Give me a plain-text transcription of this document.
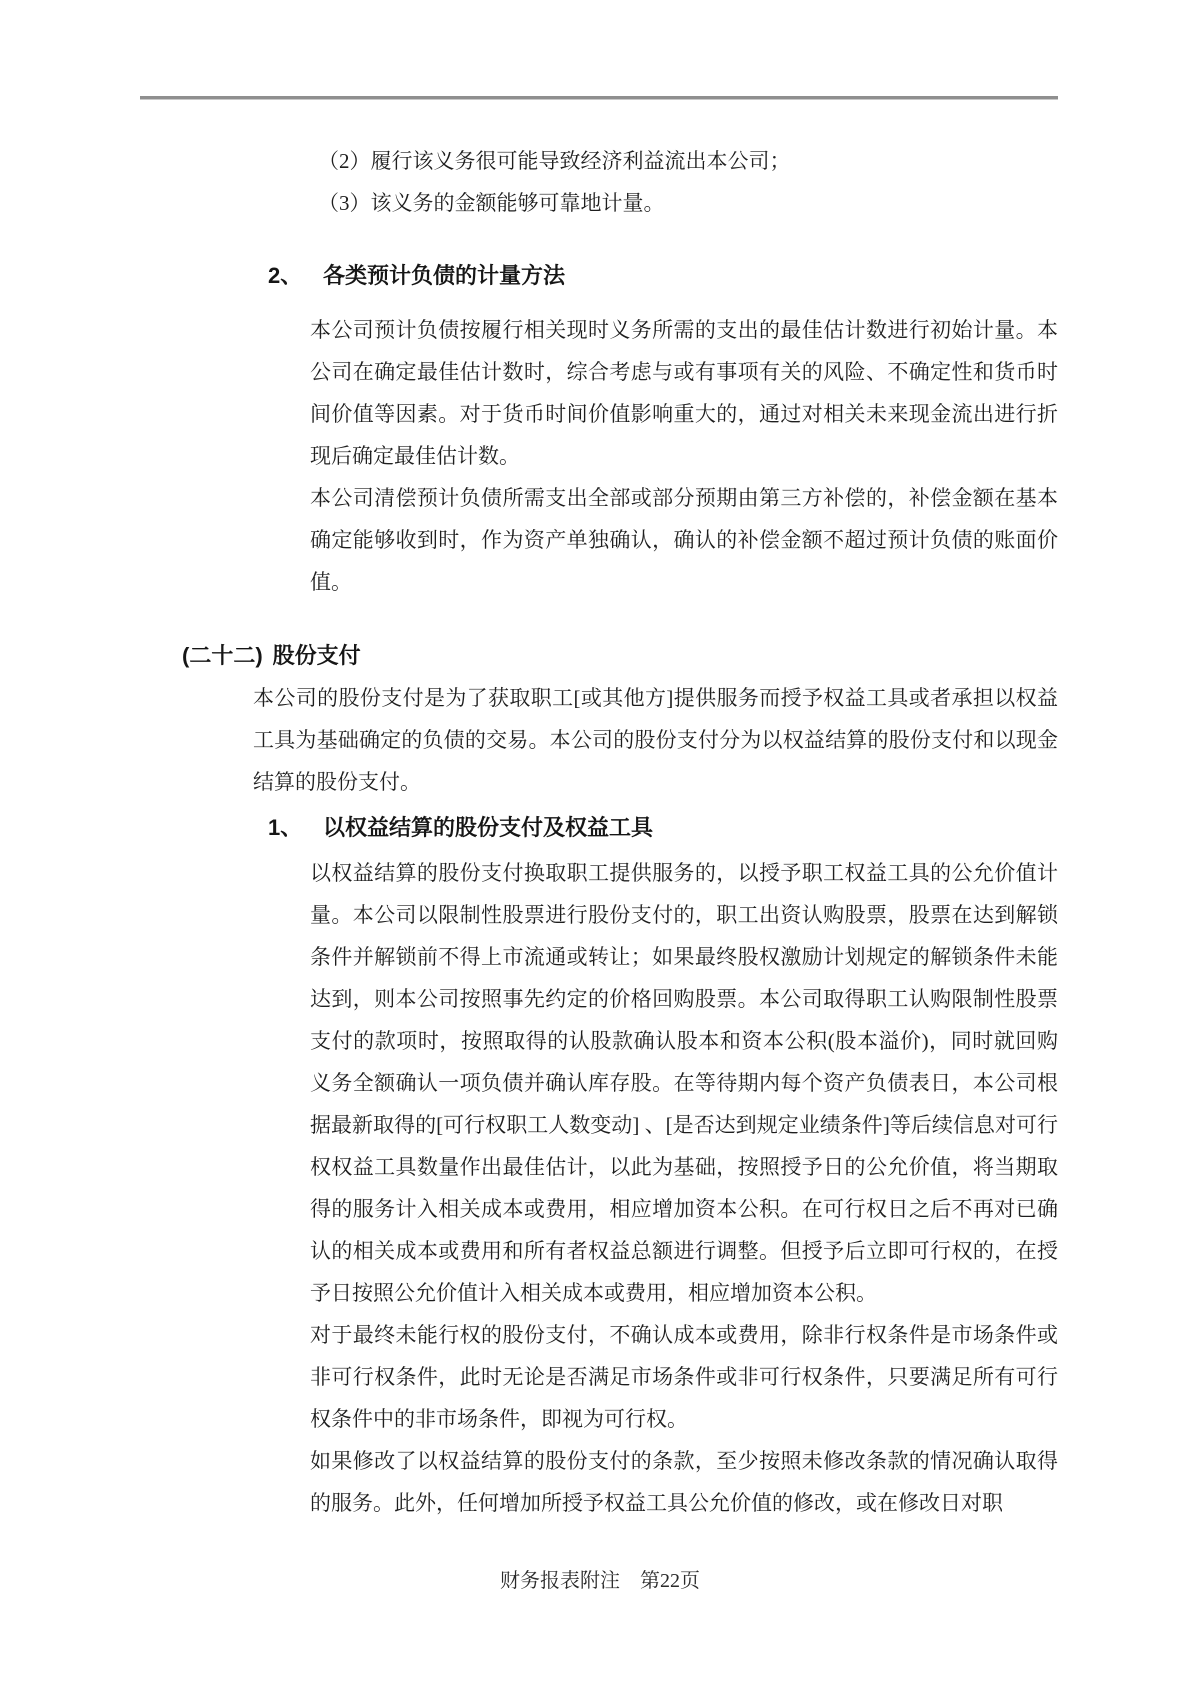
（2）履行该义务很可能导致经济利益流出本公司；
（3）该义务的金额能够可靠地计量。
2、 各类预计负债的计量方法

本公司预计负债按履行相关现时义务所需的支出的最佳估计数进行初始计量。本公司在确定最佳估计数时，综合考虑与或有事项有关的风险、不确定性和货币时间价值等因素。对于货币时间价值影响重大的，通过对相关未来现金流出进行折现后确定最佳估计数。

本公司清偿预计负债所需支出全部或部分预期由第三方补偿的，补偿金额在基本确定能够收到时，作为资产单独确认，确认的补偿金额不超过预计负债的账面价值。

(二十二) 股份支付

本公司的股份支付是为了获取职工[或其他方]提供服务而授予权益工具或者承担以权益工具为基础确定的负债的交易。本公司的股份支付分为以权益结算的股份支付和以现金结算的股份支付。

1、 以权益结算的股份支付及权益工具

以权益结算的股份支付换取职工提供服务的，以授予职工权益工具的公允价值计量。本公司以限制性股票进行股份支付的，职工出资认购股票，股票在达到解锁条件并解锁前不得上市流通或转让；如果最终股权激励计划规定的解锁条件未能达到，则本公司按照事先约定的价格回购股票。本公司取得职工认购限制性股票支付的款项时，按照取得的认股款确认股本和资本公积(股本溢价)，同时就回购义务全额确认一项负债并确认库存股。在等待期内每个资产负债表日，本公司根据最新取得的[可行权职工人数变动] 、[是否达到规定业绩条件]等后续信息对可行权权益工具数量作出最佳估计，以此为基础，按照授予日的公允价值，将当期取得的服务计入相关成本或费用，相应增加资本公积。在可行权日之后不再对已确认的相关成本或费用和所有者权益总额进行调整。但授予后立即可行权的，在授予日按照公允价值计入相关成本或费用，相应增加资本公积。

对于最终未能行权的股份支付，不确认成本或费用，除非行权条件是市场条件或非可行权条件，此时无论是否满足市场条件或非可行权条件，只要满足所有可行权条件中的非市场条件，即视为可行权。

如果修改了以权益结算的股份支付的条款，至少按照未修改条款的情况确认取得的服务。此外，任何增加所授予权益工具公允价值的修改，或在修改日对职

财务报表附注　第22页
